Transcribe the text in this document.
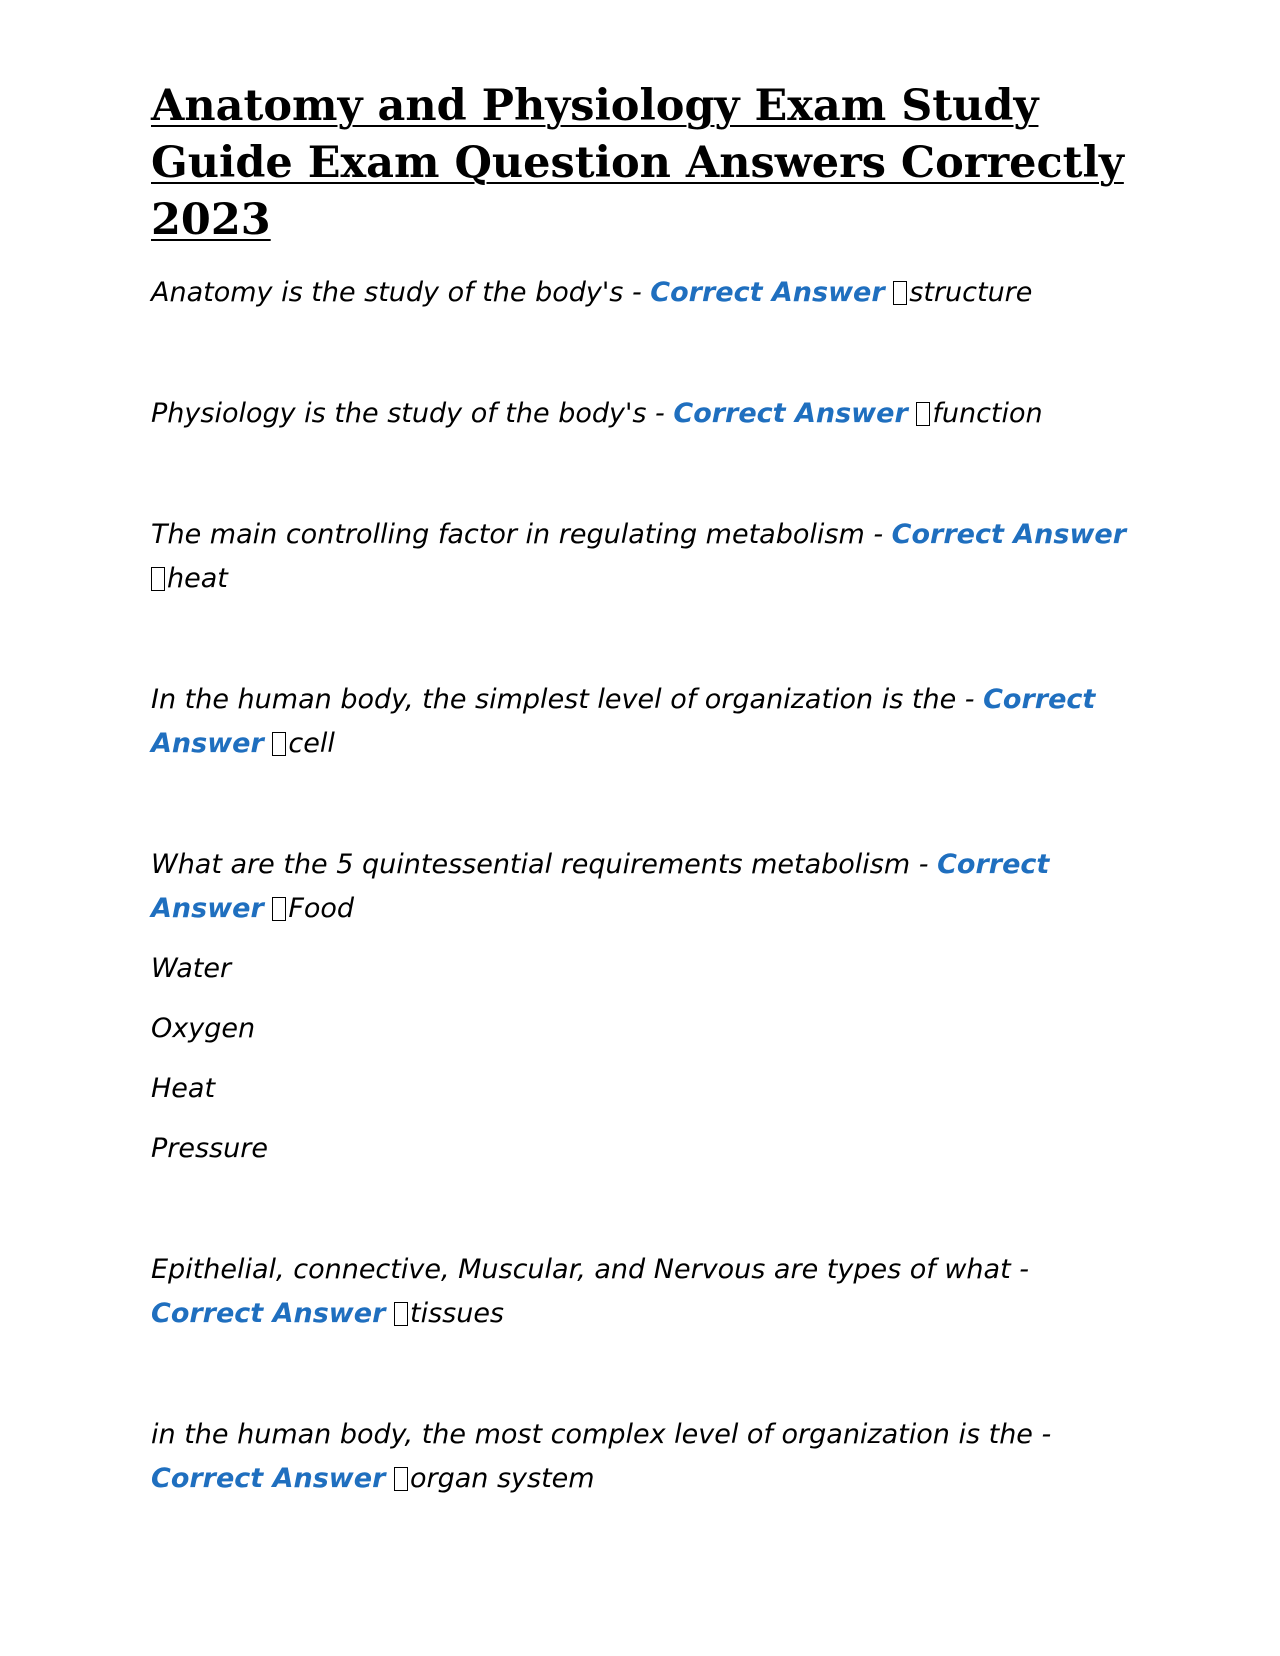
Anatomy and Physiology Exam Study Guide Exam Question Answers Correctly 2023

Anatomy is the study of the body's - Correct Answer structure

Physiology is the study of the body's - Correct Answer function

The main controlling factor in regulating metabolism - Correct Answer heat

In the human body, the simplest level of organization is the - Correct Answer cell

What are the 5 quintessential requirements metabolism - Correct Answer Food

Water

Oxygen

Heat

Pressure

Epithelial, connective, Muscular, and Nervous are types of what - Correct Answer tissues

in the human body, the most complex level of organization is the - Correct Answer organ system
